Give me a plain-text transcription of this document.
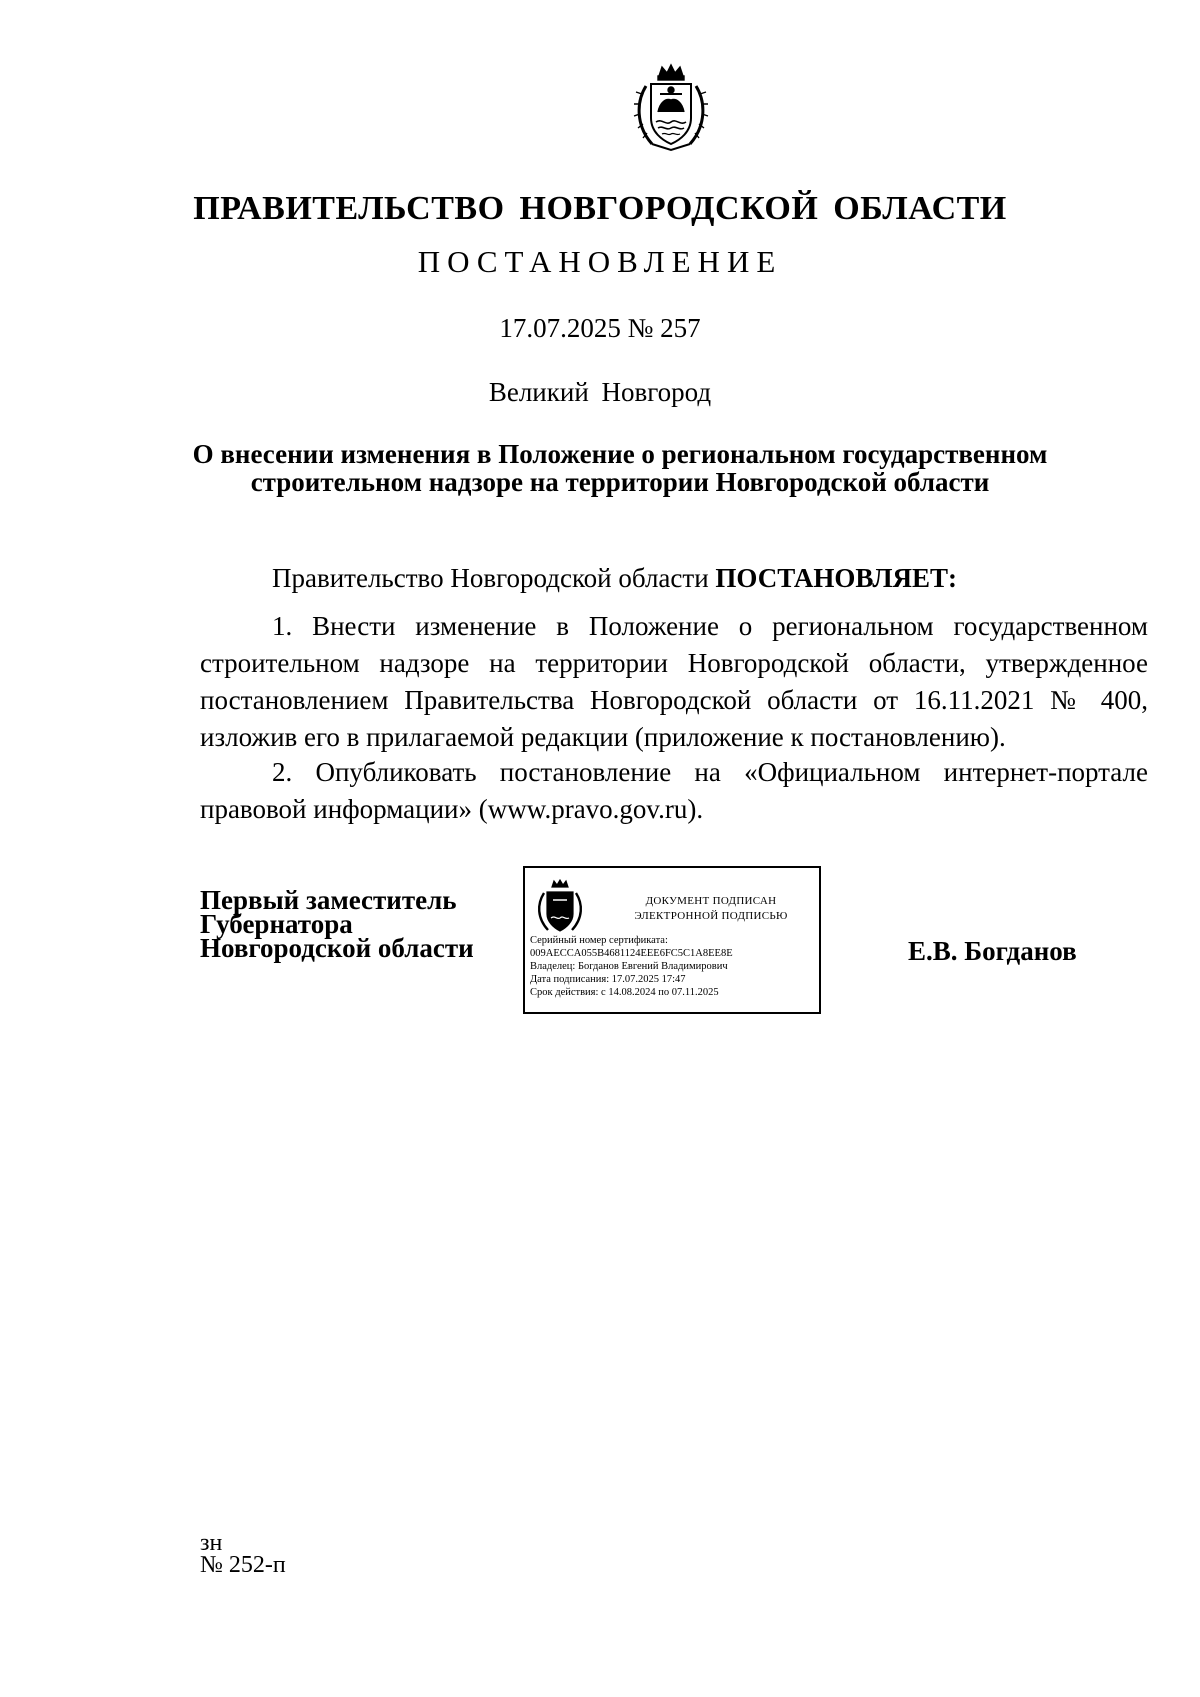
ПРАВИТЕЛЬСТВО НОВГОРОДСКОЙ ОБЛАСТИ
ПОСТАНОВЛЕНИЕ
17.07.2025 № 257
Великий Новгород
О внесении изменения в Положение о региональном государственном
строительном надзоре на территории Новгородской области
Правительство Новгородской области ПОСТАНОВЛЯЕТ:
1. Внести изменение в Положение о региональном государственном строительном надзоре на территории Новгородской области, утвержденное постановлением Правительства Новгородской области от 16.11.2021 № 400, изложив его в прилагаемой редакции (приложение к постановлению).
2. Опубликовать постановление на «Официальном интернет-портале правовой информации» (www.pravo.gov.ru).
Первый заместитель
Губернатора
Новгородской области
ДОКУМЕНТ ПОДПИСАН
ЭЛЕКТРОННОЙ ПОДПИСЬЮ
Серийный номер сертификата:
009AECCA055B4681124EEE6FC5C1A8EE8E
Владелец: Богданов Евгений Владимирович
Дата подписания: 17.07.2025 17:47
Срок действия: с 14.08.2024 по 07.11.2025
Е.В. Богданов
зн
№ 252-п
